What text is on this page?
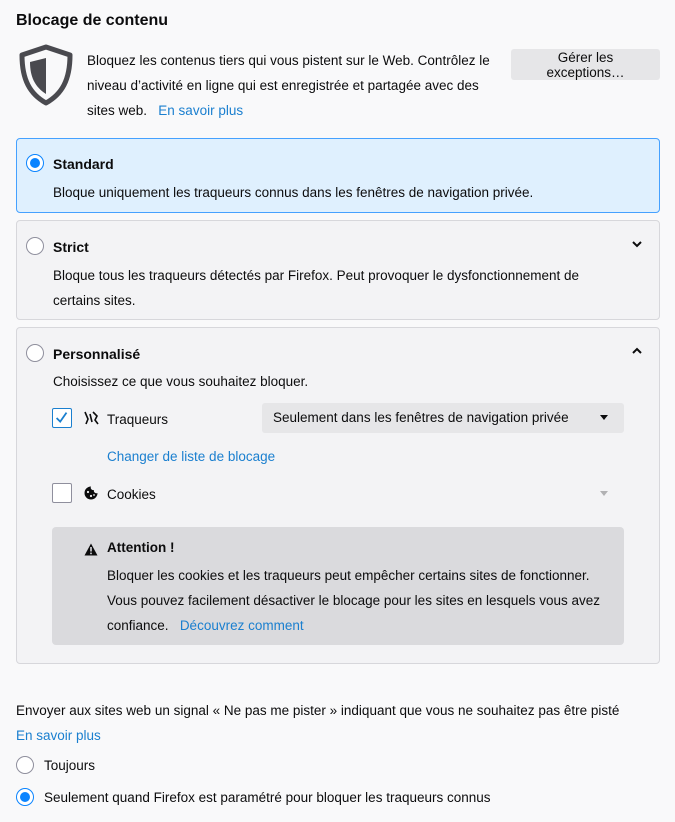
Blocage de contenu

Bloquez les contenus tiers qui vous pistent sur le Web. Contrôlez le niveau d’activité en ligne qui est enregistrée et partagée avec des sites web. En savoir plus

Gérer les exceptions…
Standard

Bloque uniquement les traqueurs connus dans les fenêtres de navigation privée.

Strict

Bloque tous les traqueurs détectés par Firefox. Peut provoquer le dysfonctionnement de certains sites.

Personnalisé

Choisissez ce que vous souhaitez bloquer.

Traqueurs	Seulement dans les fenêtres de navigation privée
Changer de liste de blocage
Cookies
Attention !

Bloquer les cookies et les traqueurs peut empêcher certains sites de fonctionner. Vous pouvez facilement désactiver le blocage pour les sites en lesquels vous avez confiance. Découvrez comment

Envoyer aux sites web un signal « Ne pas me pister » indiquant que vous ne souhaitez pas être pisté
En savoir plus
Toujours
Seulement quand Firefox est paramétré pour bloquer les traqueurs connus
